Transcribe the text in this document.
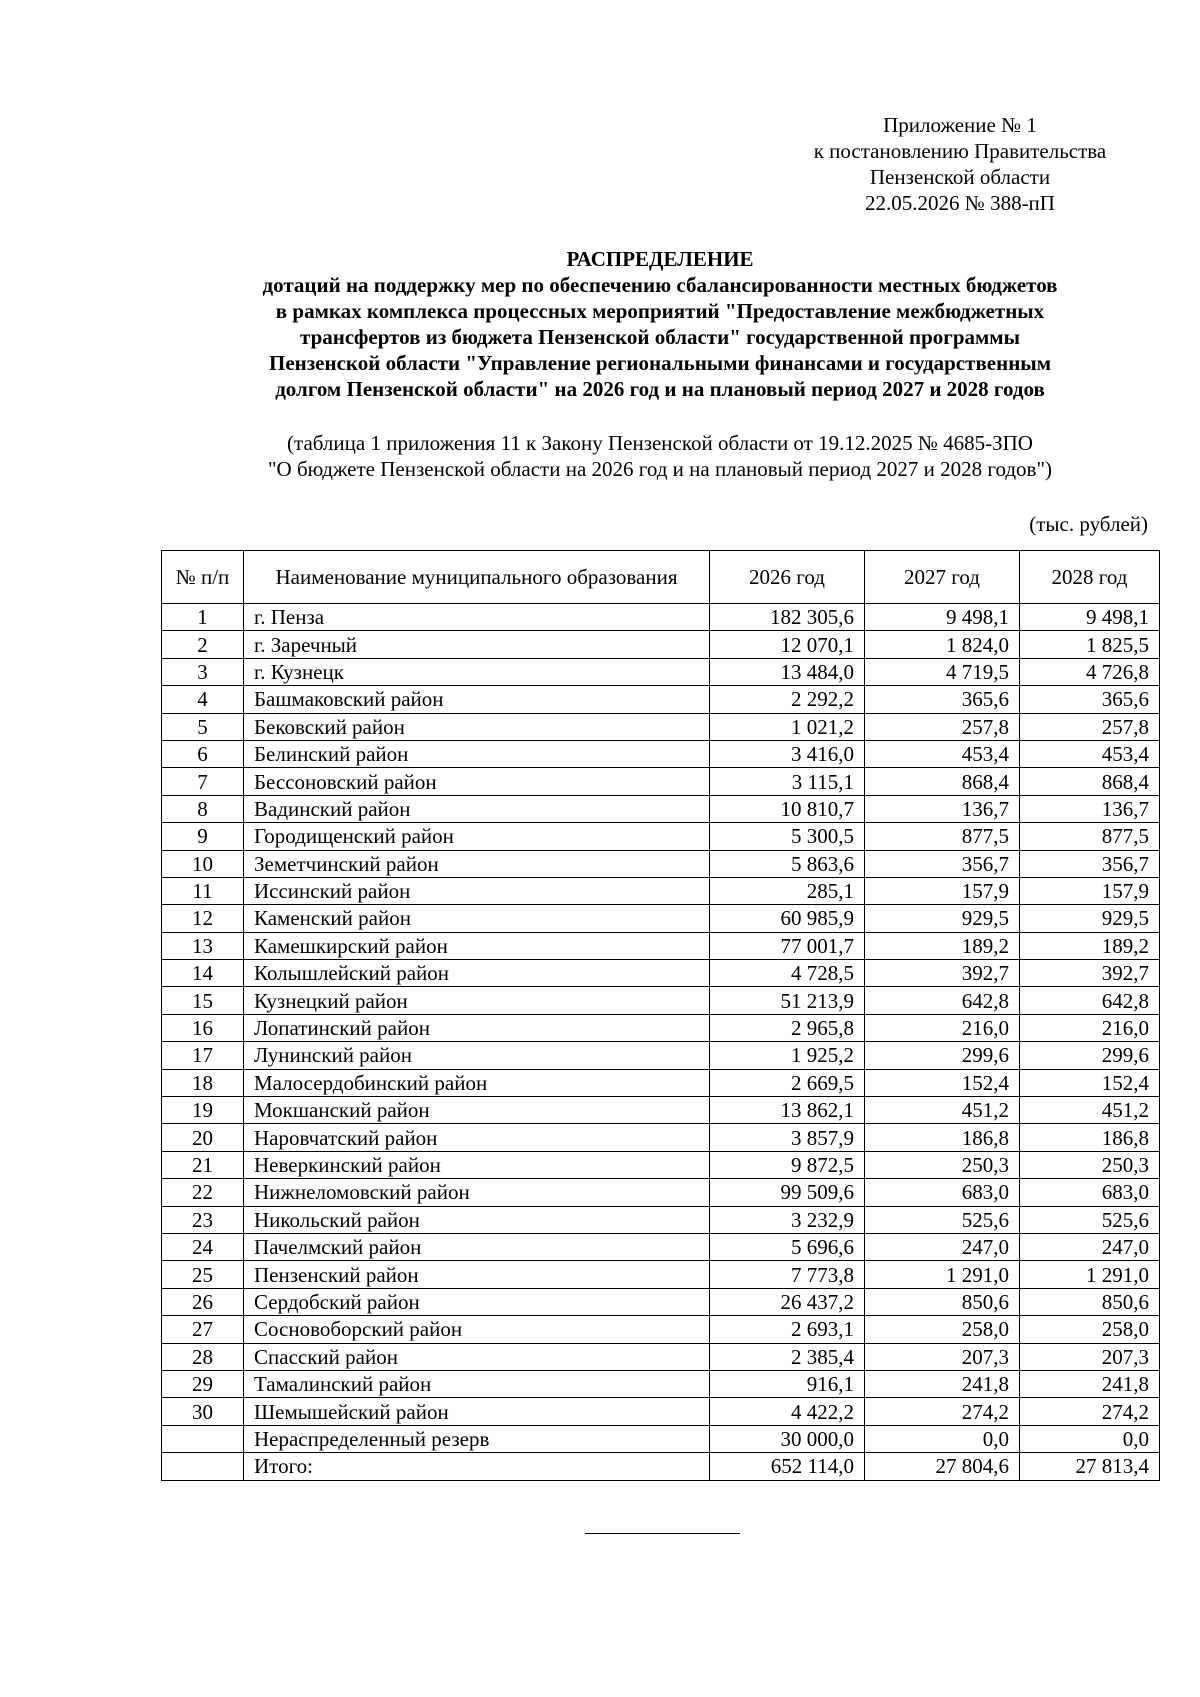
Приложение № 1
к постановлению Правительства
Пензенской области
22.05.2026 № 388-пП
РАСПРЕДЕЛЕНИЕ
дотаций на поддержку мер по обеспечению сбалансированности местных бюджетов
в рамках комплекса процессных мероприятий "Предоставление межбюджетных
трансфертов из бюджета Пензенской области" государственной программы
Пензенской области "Управление региональными финансами и государственным
долгом Пензенской области" на 2026 год и на плановый период 2027 и 2028 годов
(таблица 1 приложения 11 к Закону Пензенской области от 19.12.2025 № 4685-ЗПО
"О бюджете Пензенской области на 2026 год и на плановый период 2027 и 2028 годов")
(тыс. рублей)
№ п/п	Наименование муниципального образования	2026 год	2027 год	2028 год
1	г. Пенза	182 305,6	9 498,1	9 498,1
2	г. Заречный	12 070,1	1 824,0	1 825,5
3	г. Кузнецк	13 484,0	4 719,5	4 726,8
4	Башмаковский район	2 292,2	365,6	365,6
5	Бековский район	1 021,2	257,8	257,8
6	Белинский район	3 416,0	453,4	453,4
7	Бессоновский район	3 115,1	868,4	868,4
8	Вадинский район	10 810,7	136,7	136,7
9	Городищенский район	5 300,5	877,5	877,5
10	Земетчинский район	5 863,6	356,7	356,7
11	Иссинский район	285,1	157,9	157,9
12	Каменский район	60 985,9	929,5	929,5
13	Камешкирский район	77 001,7	189,2	189,2
14	Колышлейский район	4 728,5	392,7	392,7
15	Кузнецкий район	51 213,9	642,8	642,8
16	Лопатинский район	2 965,8	216,0	216,0
17	Лунинский район	1 925,2	299,6	299,6
18	Малосердобинский район	2 669,5	152,4	152,4
19	Мокшанский район	13 862,1	451,2	451,2
20	Наровчатский район	3 857,9	186,8	186,8
21	Неверкинский район	9 872,5	250,3	250,3
22	Нижнеломовский район	99 509,6	683,0	683,0
23	Никольский район	3 232,9	525,6	525,6
24	Пачелмский район	5 696,6	247,0	247,0
25	Пензенский район	7 773,8	1 291,0	1 291,0
26	Сердобский район	26 437,2	850,6	850,6
27	Сосновоборский район	2 693,1	258,0	258,0
28	Спасский район	2 385,4	207,3	207,3
29	Тамалинский район	916,1	241,8	241,8
30	Шемышейский район	4 422,2	274,2	274,2
	Нераспределенный резерв	30 000,0	0,0	0,0
	Итого:	652 114,0	27 804,6	27 813,4
